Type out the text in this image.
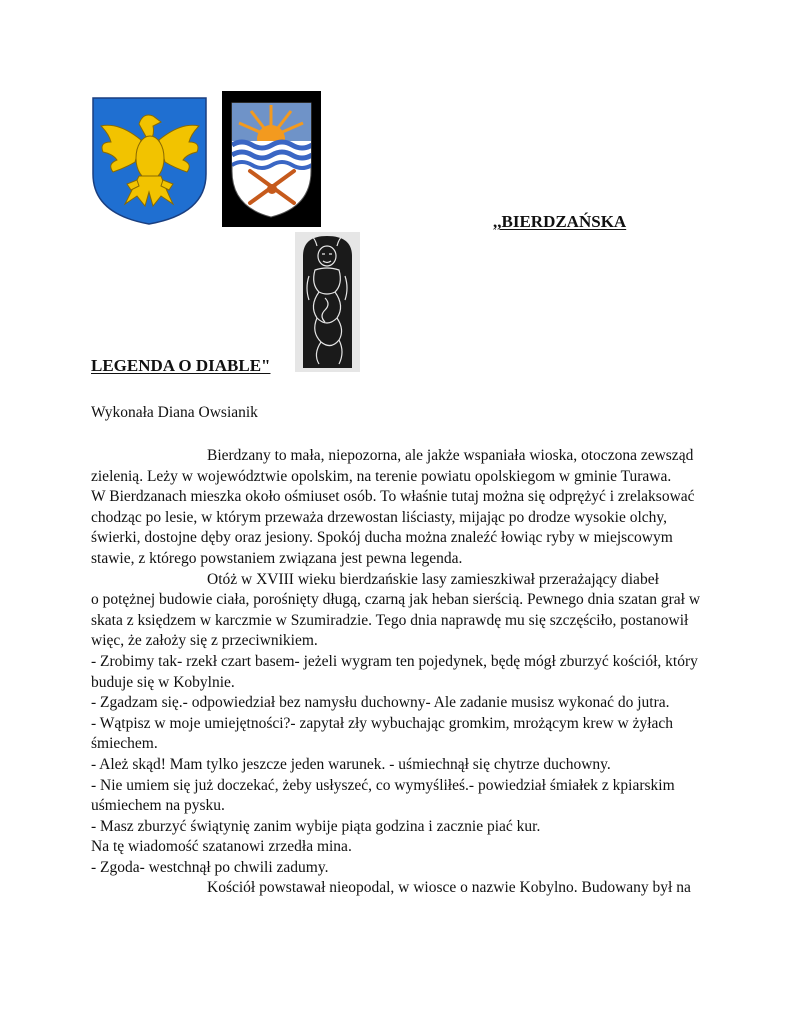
,,BIERDZAŃSKA
LEGENDA O DIABLE"
Wykonała Diana Owsianik

Bierdzany to mała, niepozorna, ale jakże wspaniała wioska, otoczona zewsząd zielenią. Leży w województwie opolskim, na terenie powiatu opolskiegom w gminie Turawa.

W Bierdzanach mieszka około ośmiuset osób. To właśnie tutaj można się odprężyć i zrelaksować chodząc po lesie, w którym przeważa drzewostan liściasty, mijając po drodze wysokie olchy, świerki, dostojne dęby oraz jesiony. Spokój ducha można znaleźć łowiąc ryby w miejscowym stawie, z którego powstaniem związana jest pewna legenda.

Otóż w XVIII wieku bierdzańskie lasy zamieszkiwał przerażający diabeł

o potężnej budowie ciała, porośnięty długą, czarną jak heban sierścią. Pewnego dnia szatan grał w skata z księdzem w karczmie w Szumiradzie. Tego dnia naprawdę mu się szczęściło, postanowił więc, że założy się z przeciwnikiem.

- Zrobimy tak- rzekł czart basem- jeżeli wygram ten pojedynek, będę mógł zburzyć kościół, który buduje się w Kobylnie.

- Zgadzam się.- odpowiedział bez namysłu duchowny- Ale zadanie musisz wykonać do jutra.

- Wątpisz w moje umiejętności?- zapytał zły wybuchając gromkim, mrożącym krew w żyłach śmiechem.

- Ależ skąd! Mam tylko jeszcze jeden warunek. - uśmiechnął się chytrze duchowny.

- Nie umiem się już doczekać, żeby usłyszeć, co wymyśliłeś.- powiedział śmiałek z kpiarskim uśmiechem na pysku.

- Masz zburzyć świątynię zanim wybije piąta godzina i zacznie piać kur.

Na tę wiadomość szatanowi zrzedła mina.

- Zgoda- westchnął po chwili zadumy.

Kościół powstawał nieopodal, w wiosce o nazwie Kobylno. Budowany był na
